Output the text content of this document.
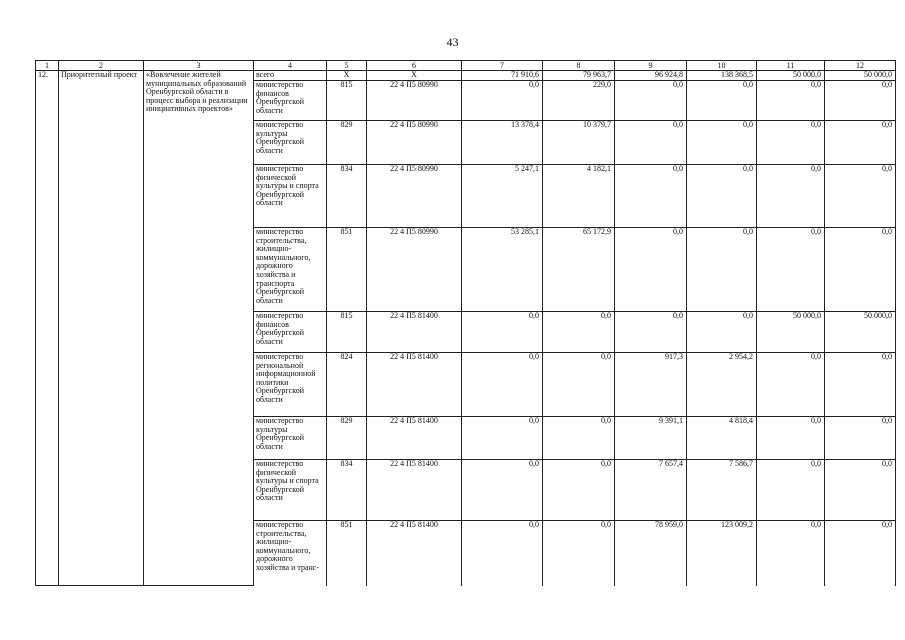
43
1	2	3	4	5	6	7	8	9	10	11	12
12.	Приоритетный проект	«Вовлечение жителей муниципальных образований Оренбургской области в процесс выбора и реализации инициативных проектов»	всего	Х	Х	71 910,6	79 963,7	96 924,8	138 368,5	50 000,0	50 000,0
			министерство финансов Оренбургской области	815	22 4 П5 80990	0,0	229,0	0,0	0,0	0,0	0,0
			министерство культуры Оренбургской области	829	22 4 П5 80990	13 378,4	10 379,7	0,0	0,0	0,0	0,0
			министерство физической культуры и спорта Оренбургской области	834	22 4 П5 80990	5 247,1	4 182,1	0,0	0,0	0,0	0,0
			министерство строительства, жилищно-коммунального, дорожного хозяйства и транспорта Оренбургской области	851	22 4 П5 80990	53 285,1	65 172,9	0,0	0,0	0,0	0,0
			министерство финансов Оренбургской области	815	22 4 П5 81400	0,0	0,0	0,0	0,0	50 000,0	50 000,0
			министерство региональной информационной политики Оренбургской области	824	22 4 П5 81400	0,0	0,0	917,3	2 954,2	0,0	0,0
			министерство культуры Оренбургской области	829	22 4 П5 81400	0,0	0,0	9 391,1	4 818,4	0,0	0,0
			министерство физической культуры и спорта Оренбургской области	834	22 4 П5 81400	0,0	0,0	7 657,4	7 586,7	0,0	0,0
			министерство строительства, жилищно-коммунального, дорожного хозяйства и транс-	851	22 4 П5 81400	0,0	0,0	78 959,0	123 009,2	0,0	0,0
